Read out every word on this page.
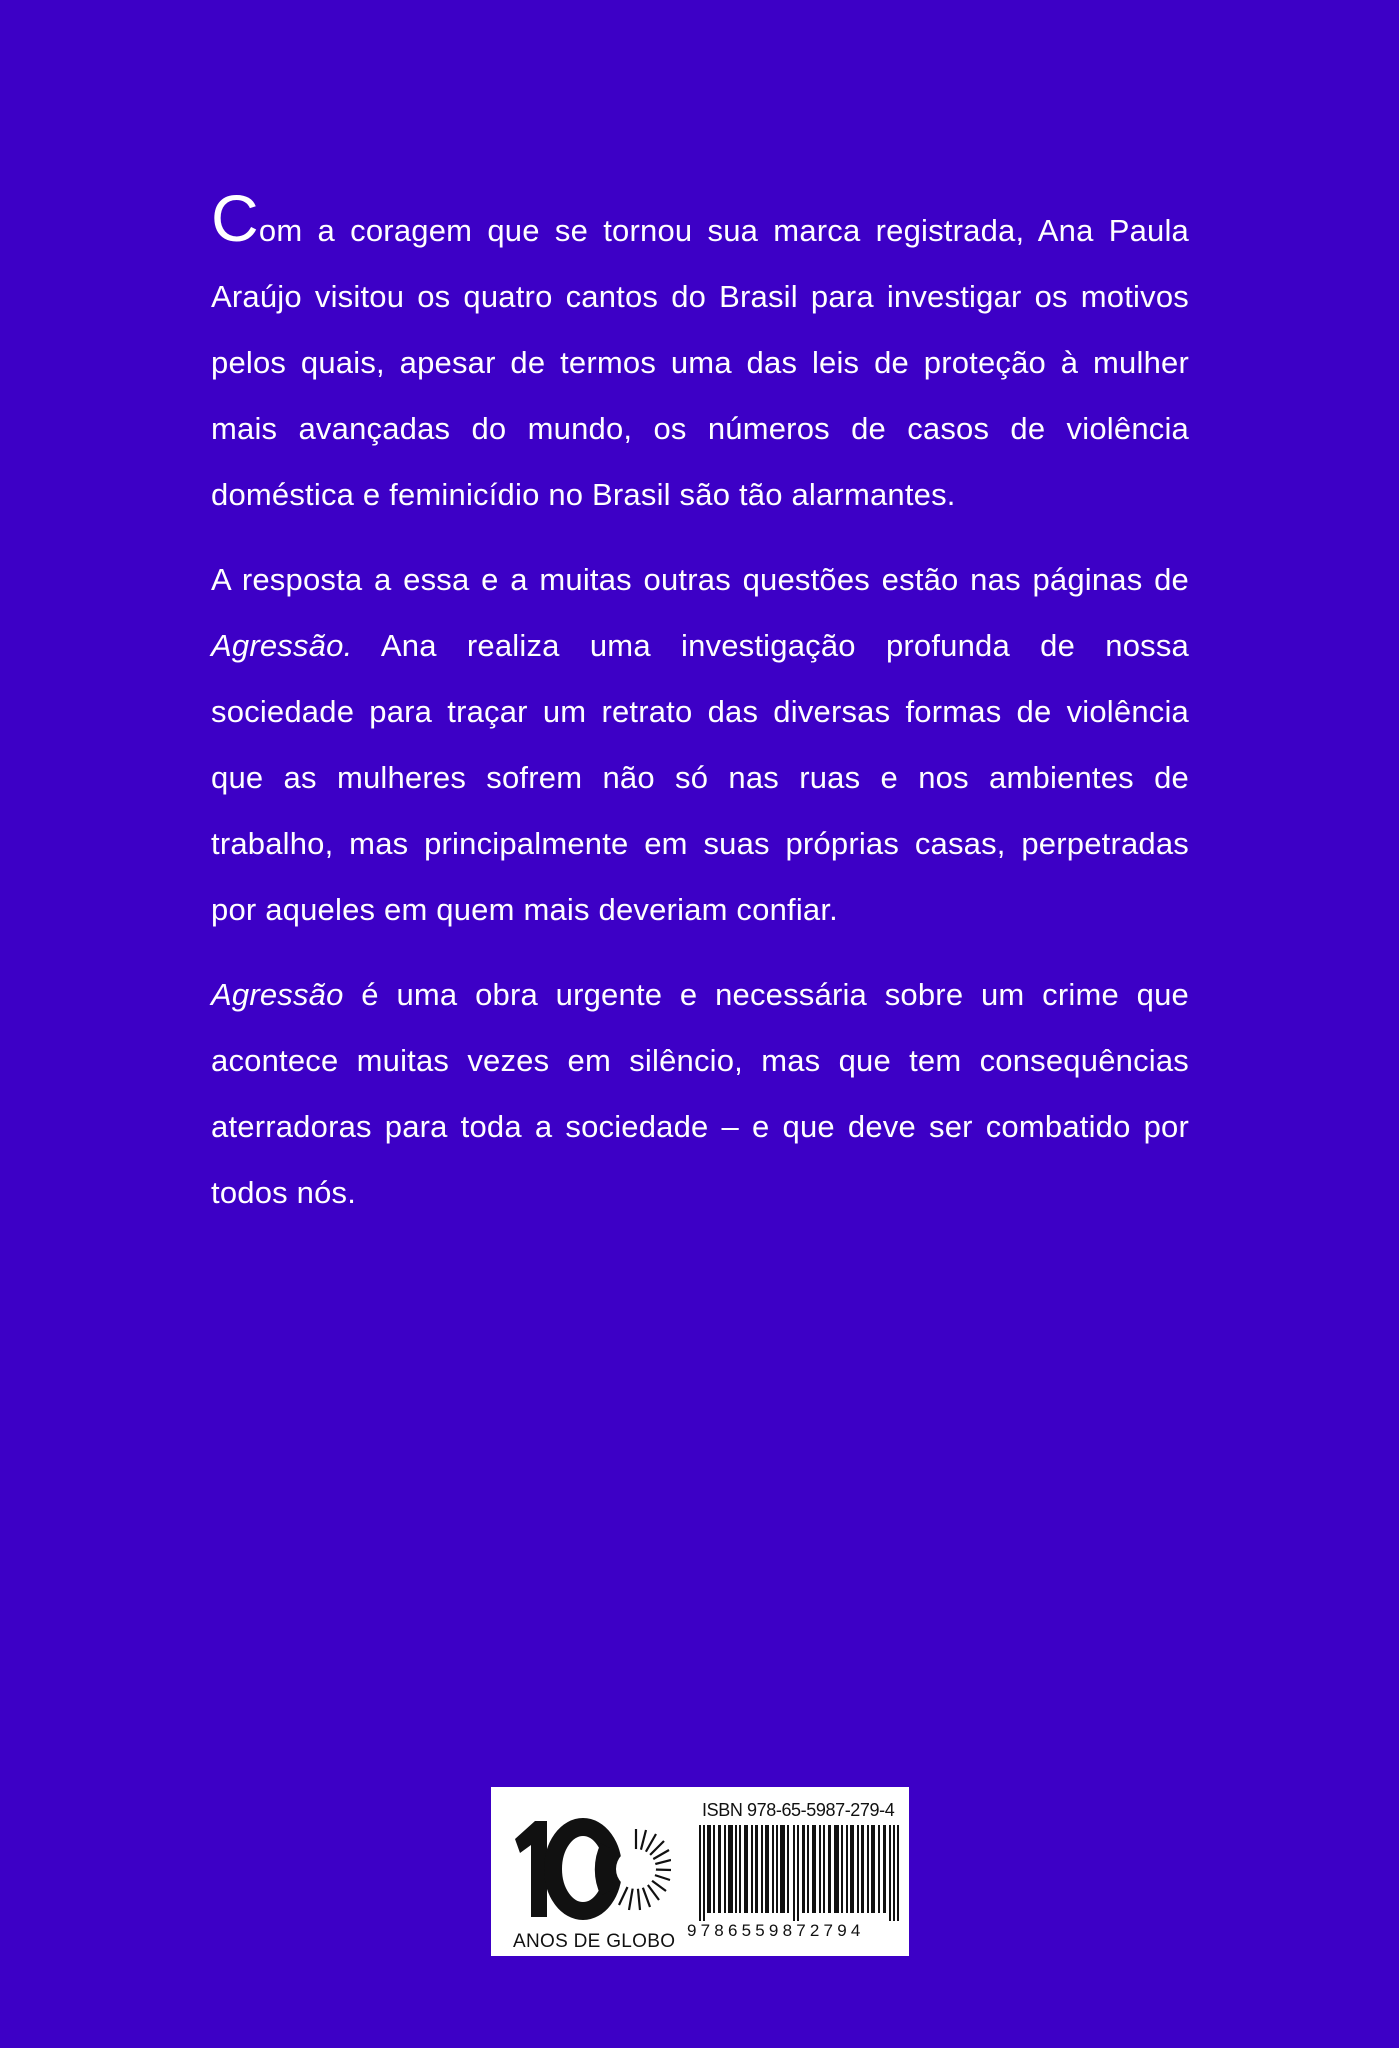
Com a coragem que se tornou sua marca registrada, Ana Paula Araújo visitou os quatro cantos do Brasil para investigar os motivos pelos quais, apesar de termos uma das leis de proteção à mulher mais avançadas do mundo, os números de casos de violência doméstica e feminicídio no Brasil são tão alarmantes.

A resposta a essa e a muitas outras questões estão nas páginas de Agressão. Ana realiza uma investigação profunda de nossa sociedade para traçar um retrato das diversas formas de violência que as mulheres sofrem não só nas ruas e nos ambientes de trabalho, mas principalmente em suas próprias casas, perpetradas por aqueles em quem mais deveriam confiar.

Agressão é uma obra urgente e necessária sobre um crime que acontece muitas vezes em silêncio, mas que tem consequências aterradoras para toda a sociedade – e que deve ser combatido por todos nós.

ANOS DE GLOBO
ISBN 978-65-5987-279-4
9786559872794
